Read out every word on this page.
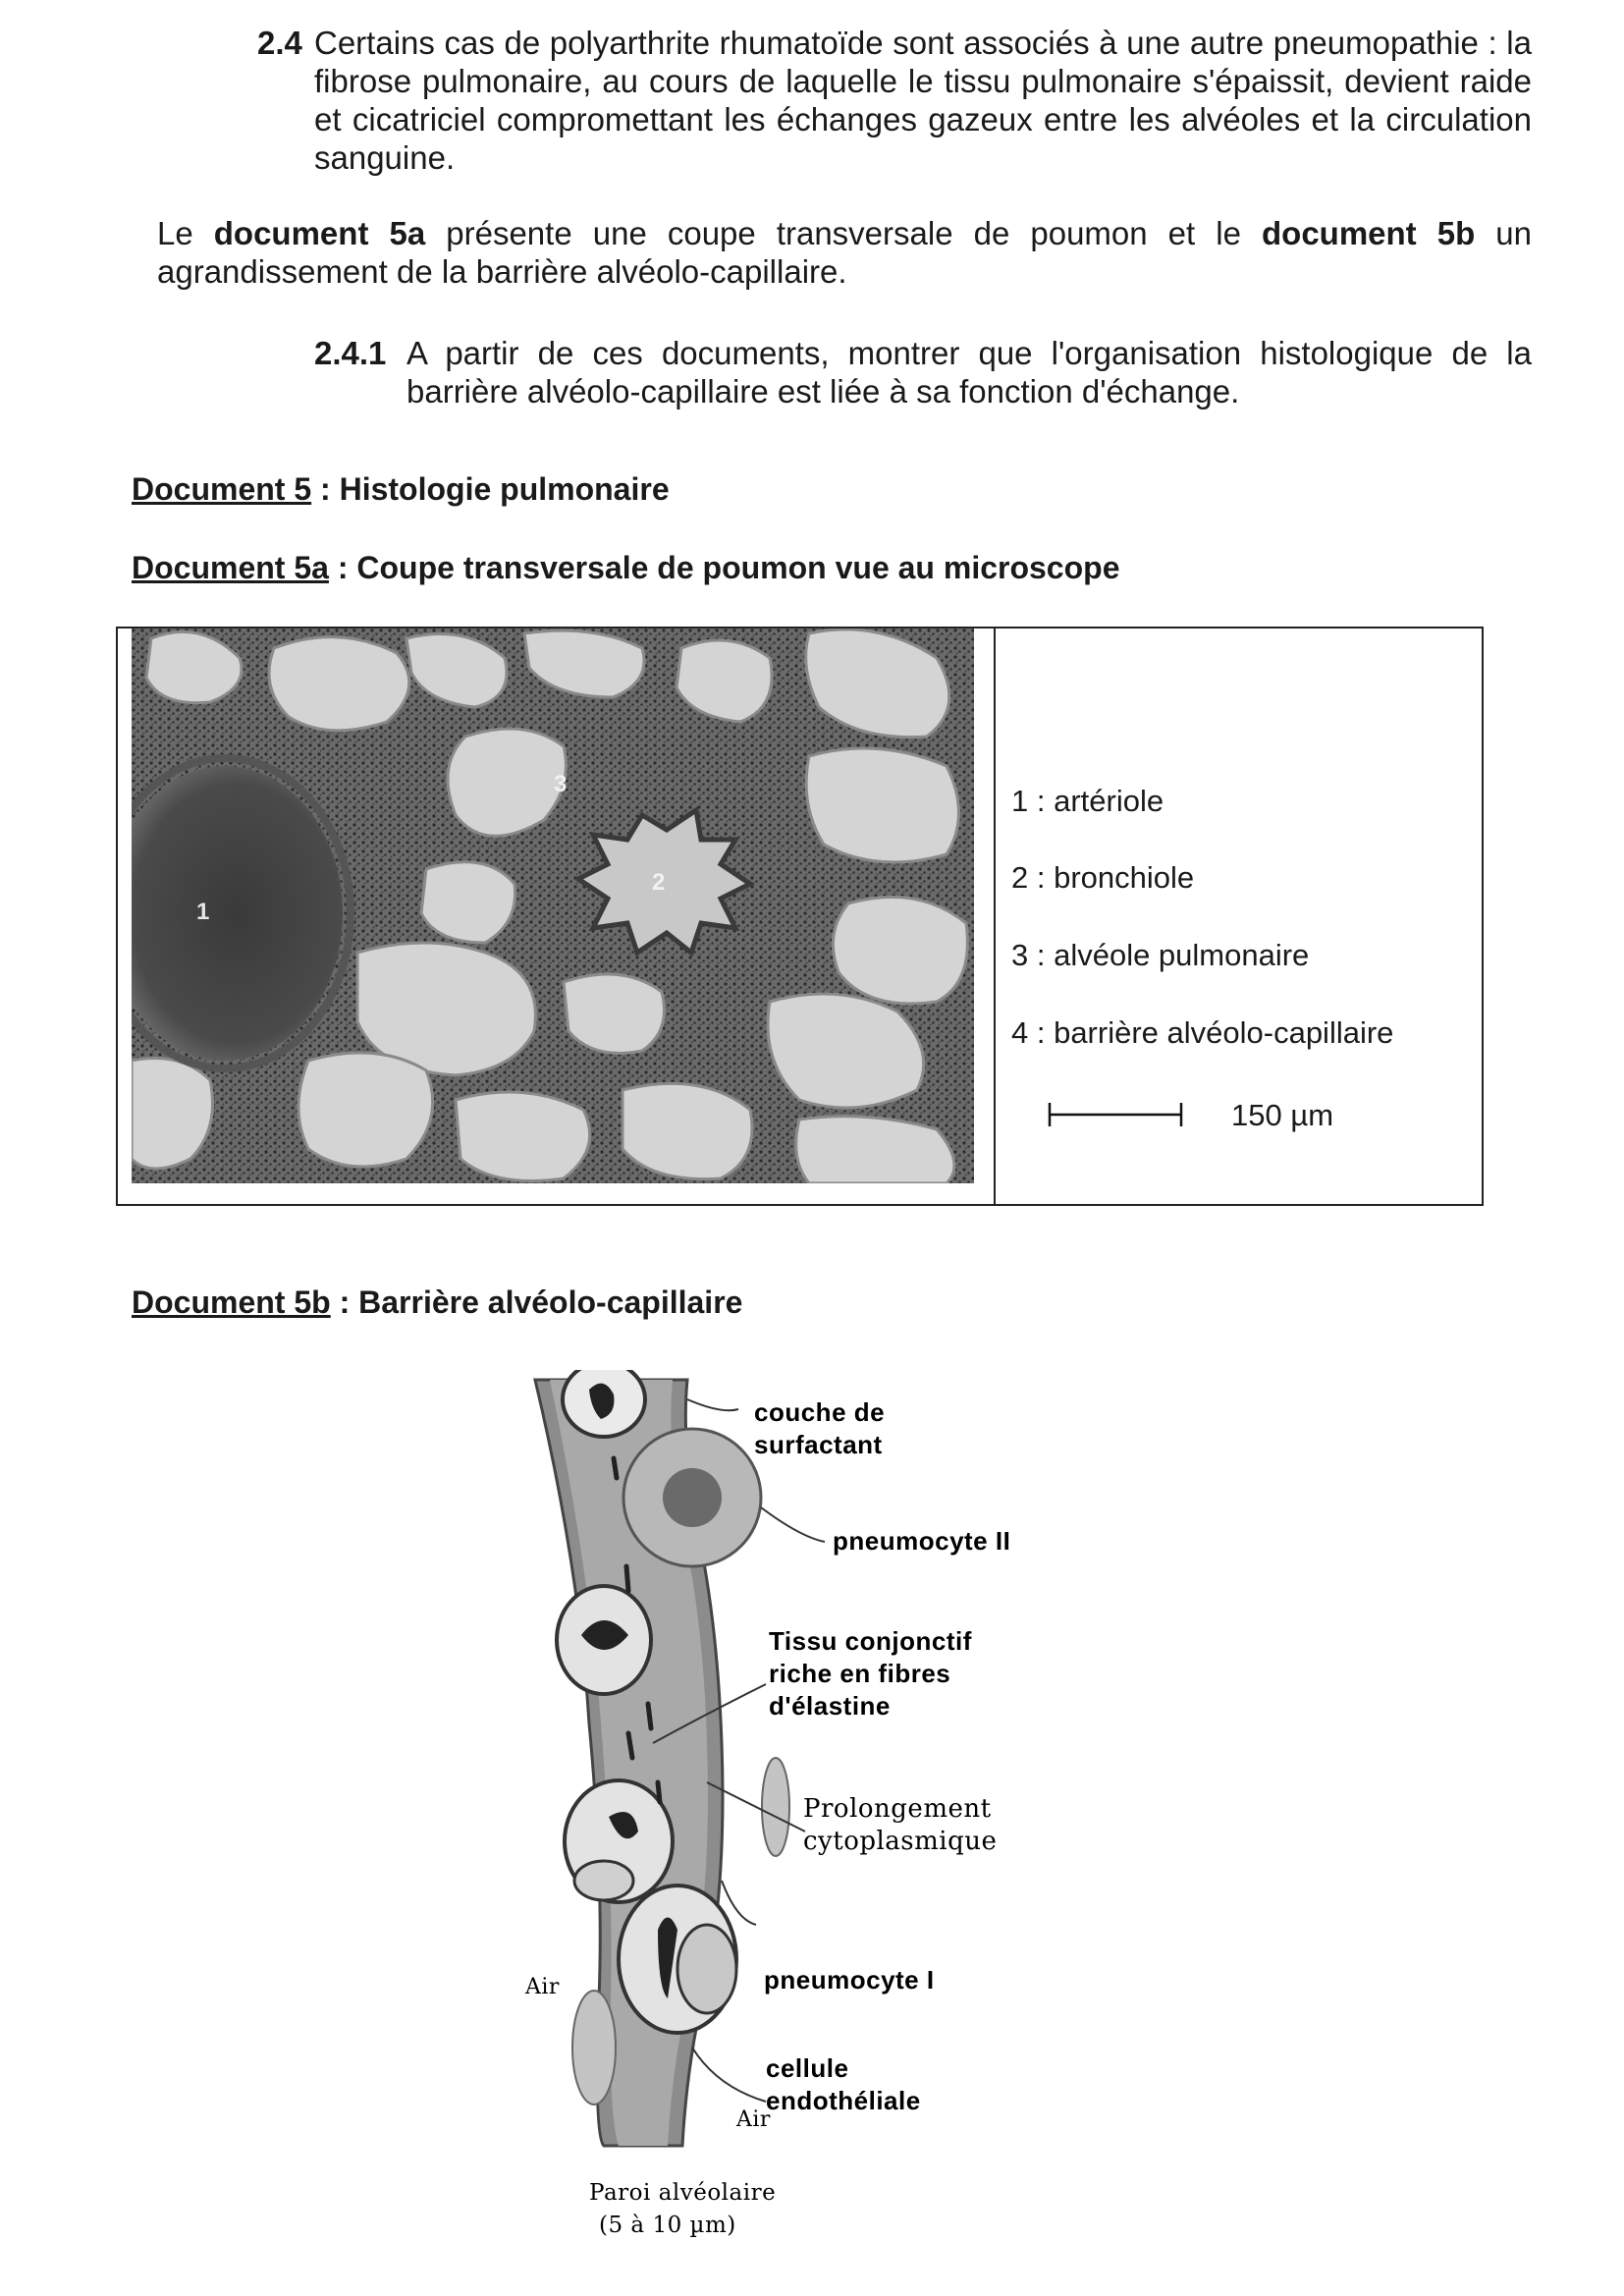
2.4 Certains cas de polyarthrite rhumatoïde sont associés à une autre pneumopathie : la fibrose pulmonaire, au cours de laquelle le tissu pulmonaire s'épaissit, devient raide et cicatriciel compromettant les échanges gazeux entre les alvéoles et la circulation sanguine.
Le document 5a présente une coupe transversale de poumon et le document 5b un agrandissement de la barrière alvéolo-capillaire.
2.4.1 A partir de ces documents, montrer que l'organisation histologique de la barrière alvéolo-capillaire est liée à sa fonction d'échange.
Document 5 : Histologie pulmonaire
Document 5a : Coupe transversale de poumon vue au microscope
1
2
3	1 : artériole
2 : bronchiole
3 : alvéole pulmonaire
4 : barrière alvéolo-capillaire
150 µm
Document 5b : Barrière alvéolo-capillaire
couche de
surfactant
pneumocyte II
Tissu conjonctif
riche en fibres
d'élastine
Prolongement
cytoplasmique
pneumocyte I
cellule
endothéliale
Air
Air
Paroi alvéolaire
(5 à 10 µm)
